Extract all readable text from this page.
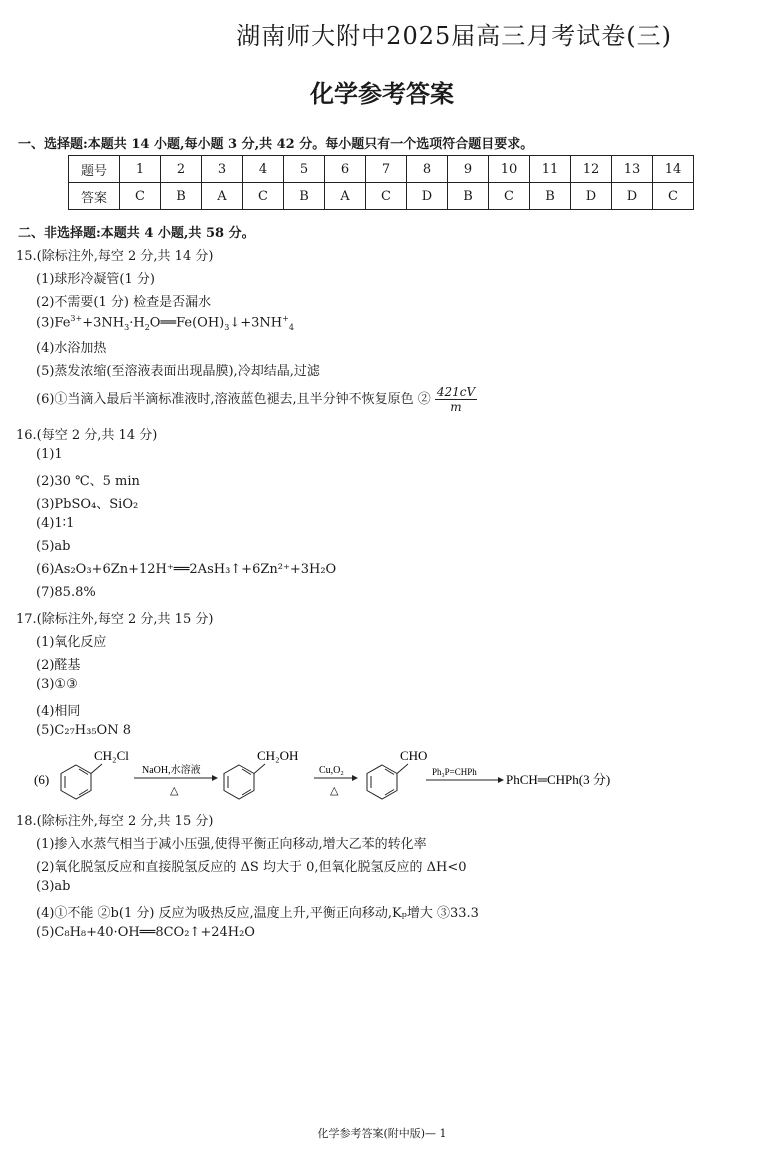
湖南师大附中2025届高三月考试卷(三)
化学参考答案
一、选择题:本题共 14 小题,每小题 3 分,共 42 分。每小题只有一个选项符合题目要求。
题号	1	2	3	4	5	6	7	8	9	10	11	12	13	14
答案	C	B	A	C	B	A	C	D	B	C	B	D	D	C
二、非选择题:本题共 4 小题,共 58 分。
15.(除标注外,每空 2 分,共 14 分)
(1)球形冷凝管(1 分)
(2)不需要(1 分) 检查是否漏水
$(3)Fe^{3+}+3NH_3\cdot H_2O══Fe(OH)_3↓+3NH^+_4$
(4)水浴加热
(5)蒸发浓缩(至溶液表面出现晶膜),冷却结晶,过滤
(6)①当滴入最后半滴标准液时,溶液蓝色褪去,且半分钟不恢复原色 ② $\frac{421cV}{m}$
16.(每空 2 分,共 14 分)
(1)1
(2)30 ℃、5 min
(3)PbSO₄、SiO₂
(4)1∶1
(5)ab
(6)As₂O₃+6Zn+12H⁺══2AsH₃↑+6Zn²⁺+3H₂O
(7)85.8%
17.(除标注外,每空 2 分,共 15 分)
(1)氧化反应
(2)醛基
(3)①③
(4)相同
(5)C₂₇H₃₅ON 8
(6)
CH₂Cl
NaOH,水溶液
△
CH₂OH
Cu,O₂
△
CHO
Ph₃P=CHPh PhCH═CHPh(3 分)
18.(除标注外,每空 2 分,共 15 分)
(1)掺入水蒸气相当于减小压强,使得平衡正向移动,增大乙苯的转化率
(2)氧化脱氢反应和直接脱氢反应的 ΔS 均大于 0,但氧化脱氢反应的 ΔH<0
(3)ab
(4)①不能 ②b(1 分) 反应为吸热反应,温度上升,平衡正向移动,Kₚ增大 ③33.3
(5)C₈H₈+40·OH══8CO₂↑+24H₂O
化学参考答案(附中版)— 1
